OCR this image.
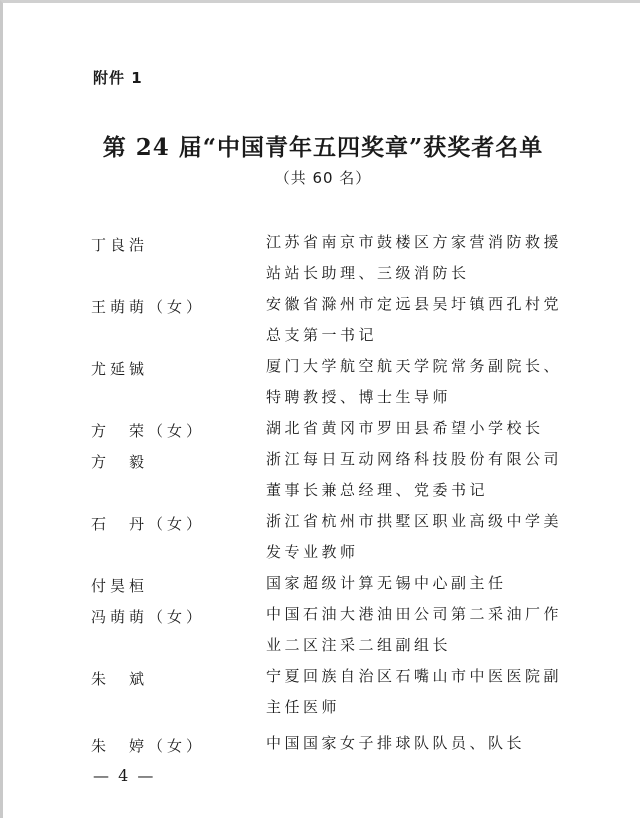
附件 1
第 24 届“中国青年五四奖章”获奖者名单
（共 60 名）
丁良浩	江苏省南京市鼓楼区方家营消防救援站站长助理、三级消防长
王萌萌（女）	安徽省滁州市定远县吴圩镇西孔村党总支第一书记
尤延铖	厦门大学航空航天学院常务副院长、特聘教授、博士生导师
方　荣（女）	湖北省黄冈市罗田县希望小学校长
方　毅	浙江每日互动网络科技股份有限公司董事长兼总经理、党委书记
石　丹（女）	浙江省杭州市拱墅区职业高级中学美发专业教师
付昊桓	国家超级计算无锡中心副主任
冯萌萌（女）	中国石油大港油田公司第二采油厂作业二区注采二组副组长
朱　斌	宁夏回族自治区石嘴山市中医医院副主任医师
朱　婷（女）	中国国家女子排球队队员、队长
— 4 —
